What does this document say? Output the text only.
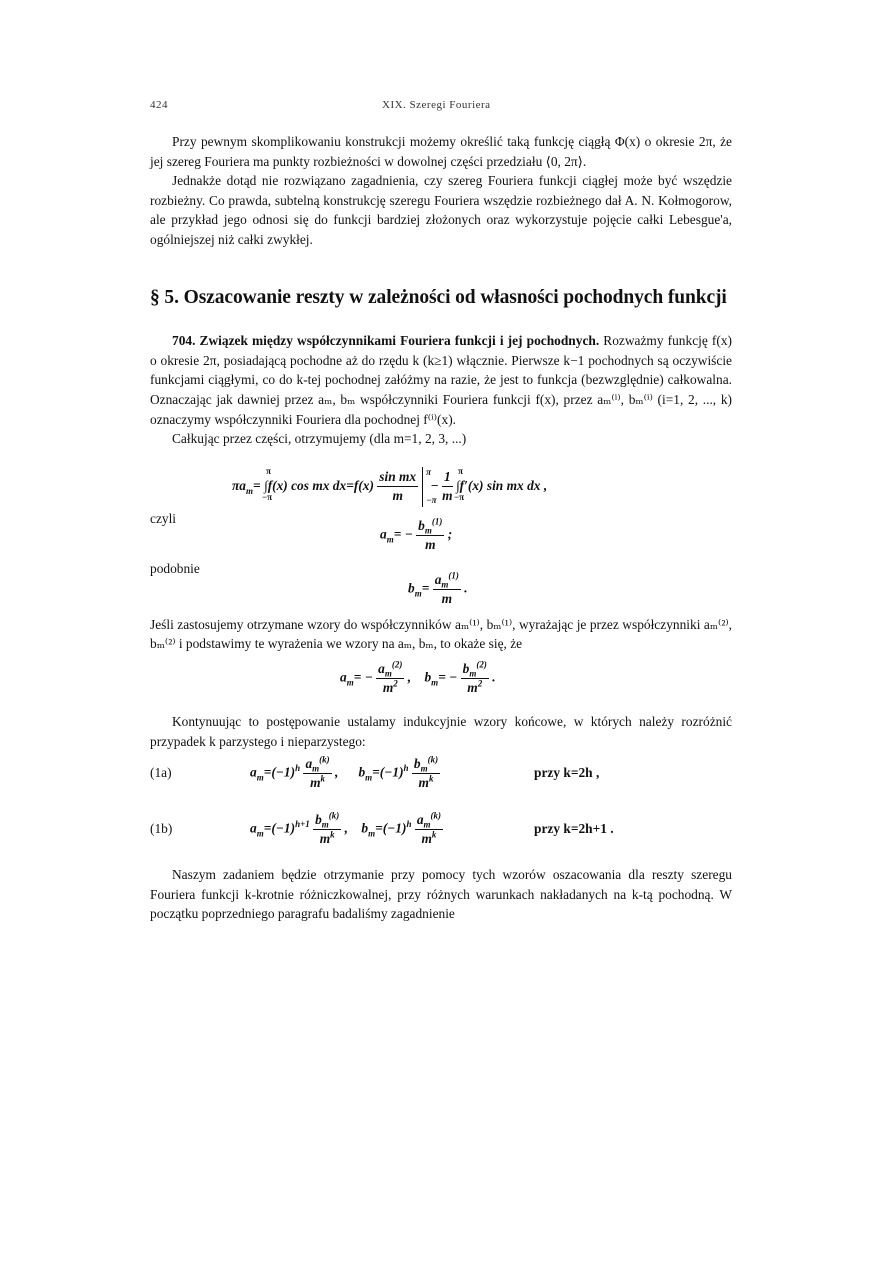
424	XIX. Szeregi Fouriera

Przy pewnym skomplikowaniu konstrukcji możemy określić taką funkcję ciągłą Φ(x) o okresie 2π, że jej szereg Fouriera ma punkty rozbieżności w dowolnej części przedziału ⟨0, 2π⟩.

Jednakże dotąd nie rozwiązano zagadnienia, czy szereg Fouriera funkcji ciągłej może być wszędzie rozbieżny. Co prawda, subtelną konstrukcję szeregu Fouriera wszędzie rozbieżnego dał A. N. Kołmogorow, ale przykład jego odnosi się do funkcji bardziej złożonych oraz wykorzystuje pojęcie całki Lebesgue'a, ogólniejszej niż całki zwykłej.

§ 5. Oszacowanie reszty w zależności od własności pochodnych funkcji

704. Związek między współczynnikami Fouriera funkcji i jej pochodnych. Rozważmy funkcję f(x) o okresie 2π, posiadającą pochodne aż do rzędu k (k≥1) włącznie. Pierwsze k−1 pochodnych są oczywiście funkcjami ciągłymi, co do k-tej pochodnej załóżmy na razie, że jest to funkcja (bezwzględnie) całkowalna. Oznaczając jak dawniej przez aₘ, bₘ współczynniki Fouriera funkcji f(x), przez aₘ⁽ⁱ⁾, bₘ⁽ⁱ⁾ (i=1, 2, ..., k) oznaczymy współczynniki Fouriera dla pochodnej f⁽ⁱ⁾(x).

Całkując przez części, otrzymujemy (dla m=1, 2, 3, ...)

$\pi a_m=$
π
∫
−π
f(x) cos mx $dx=f(x) \frac{\text{sin mx}}{m}$ π
−π
− $\frac{1}{m}$
π
∫
−π
f′(x) sin mx dx ,
czyli
$a_m= - \frac{b_m^{(1)}}{m}$ ;
podobnie
$b_m= \frac{a_m^{(1)}}{m}$ .

Jeśli zastosujemy otrzymane wzory do współczynników aₘ⁽¹⁾, bₘ⁽¹⁾, wyrażając je przez współczynniki aₘ⁽²⁾, bₘ⁽²⁾ i podstawimy te wyrażenia we wzory na aₘ, bₘ, to okaże się, że

$a_m= - \frac{a_m^{(2)}}{m^2}$ ,    $b_m= - \frac{b_m^{(2)}}{m^2}$ .

Kontynuując to postępowanie ustalamy indukcyjnie wzory końcowe, w których należy rozróżnić przypadek k parzystego i nieparzystego:

(1a)	$a_m=(-1)^h \frac{a_m^{(k)}}{m^k}$ ,      $b_m=(-1)^h \frac{b_m^{(k)}}{m^k}$	przy k=2h ,
(1b)	$a_m=(-1)^{h+1} \frac{b_m^{(k)}}{m^k}$ ,    $b_m=(-1)^h \frac{a_m^{(k)}}{m^k}$	przy k=2h+1 .

Naszym zadaniem będzie otrzymanie przy pomocy tych wzorów oszacowania dla reszty szeregu Fouriera funkcji k-krotnie różniczkowalnej, przy różnych warunkach nakładanych na k-tą pochodną. W początku poprzedniego paragrafu badaliśmy zagadnienie
